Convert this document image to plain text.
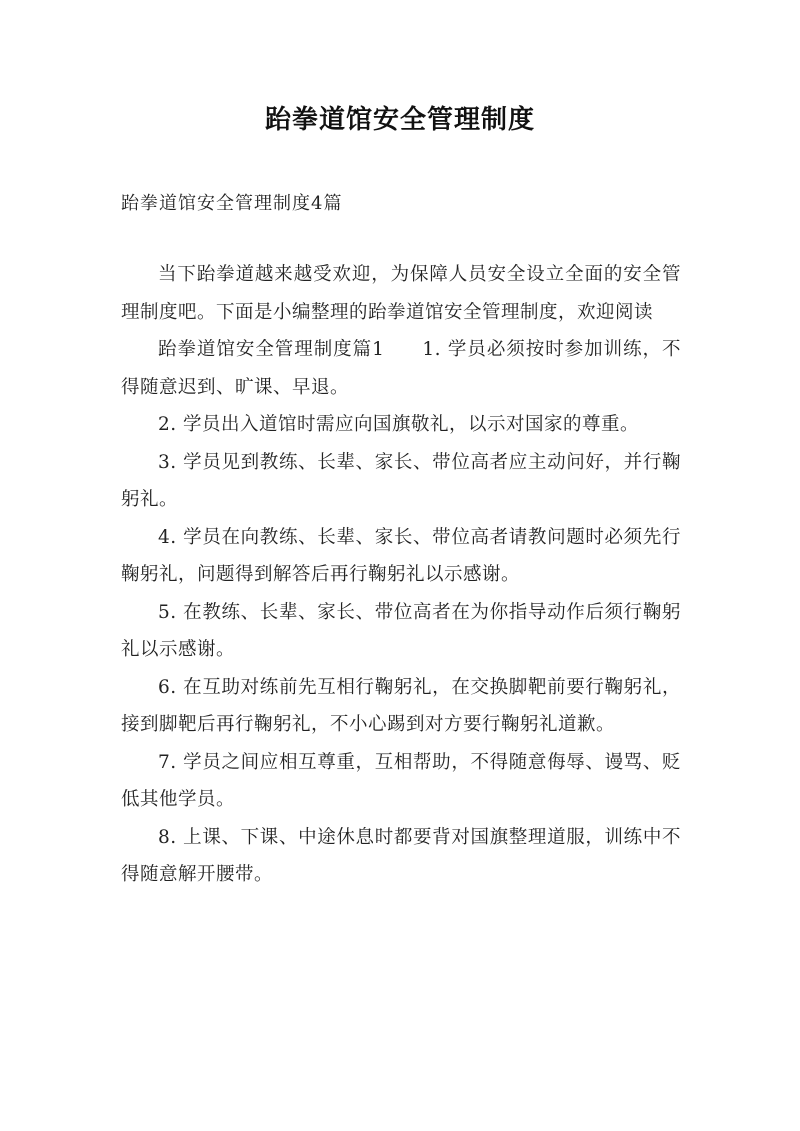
跆拳道馆安全管理制度
跆拳道馆安全管理制度4篇

当下跆拳道越来越受欢迎，为保障人员安全设立全面的安全管理制度吧。下面是小编整理的跆拳道馆安全管理制度，欢迎阅读

跆拳道馆安全管理制度篇1 1. 学员必须按时参加训练，不得随意迟到、旷课、早退。

2. 学员出入道馆时需应向国旗敬礼，以示对国家的尊重。

3. 学员见到教练、长辈、家长、带位高者应主动问好，并行鞠躬礼。

4. 学员在向教练、长辈、家长、带位高者请教问题时必须先行鞠躬礼，问题得到解答后再行鞠躬礼以示感谢。

5. 在教练、长辈、家长、带位高者在为你指导动作后须行鞠躬礼以示感谢。

6. 在互助对练前先互相行鞠躬礼，在交换脚靶前要行鞠躬礼，接到脚靶后再行鞠躬礼，不小心踢到对方要行鞠躬礼道歉。

7. 学员之间应相互尊重，互相帮助，不得随意侮辱、谩骂、贬低其他学员。

8. 上课、下课、中途休息时都要背对国旗整理道服，训练中不得随意解开腰带。
